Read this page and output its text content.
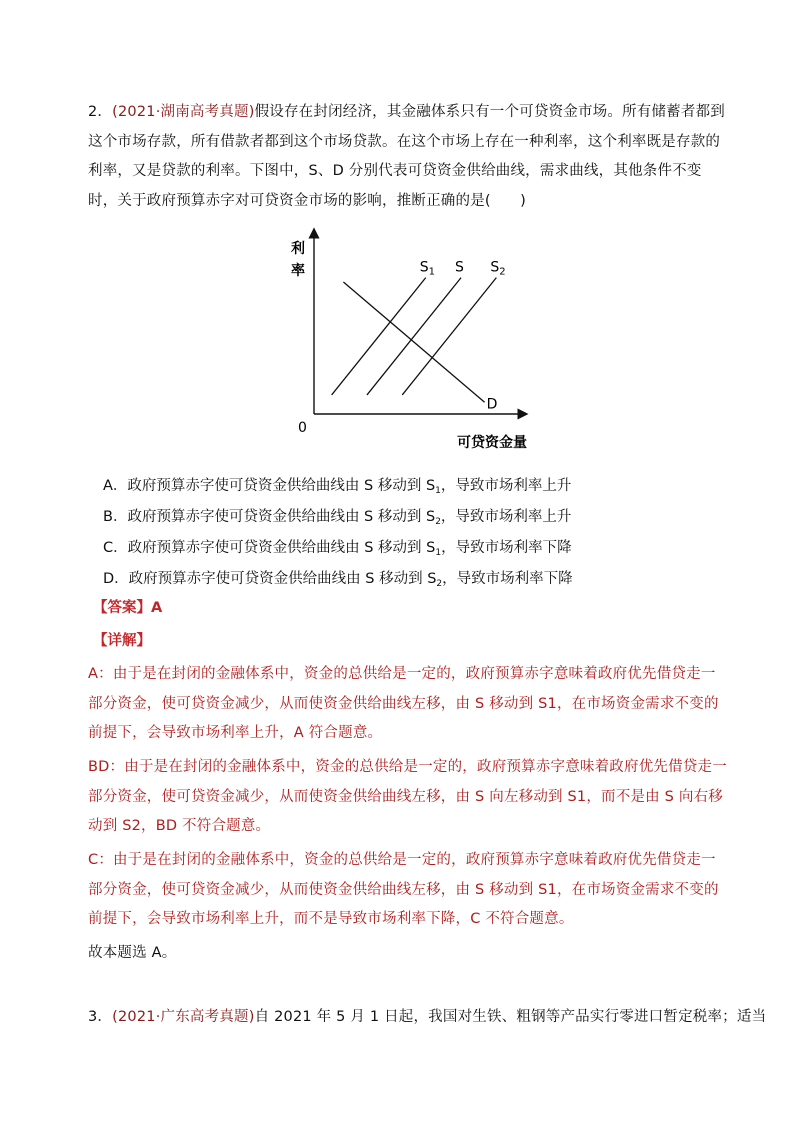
2．(2021·湖南高考真题)假设存在封闭经济，其金融体系只有一个可贷资金市场。所有储蓄者都到这个市场存款，所有借款者都到这个市场贷款。在这个市场上存在一种利率，这个利率既是存款的利率，又是贷款的利率。下图中，S、D 分别代表可贷资金供给曲线，需求曲线，其他条件不变时，关于政府预算赤字对可贷资金市场的影响，推断正确的是(　　)

利
率
0
可贷资金量
$S_1$ S $S_2$
D

A．政府预算赤字使可贷资金供给曲线由 S 移动到 $S_1$，导致市场利率上升

B．政府预算赤字使可贷资金供给曲线由 S 移动到 $S_2$，导致市场利率上升

C．政府预算赤字使可贷资金供给曲线由 S 移动到 $S_1$，导致市场利率下降

D．政府预算赤字使可贷资金供给曲线由 S 移动到 $S_2$，导致市场利率下降

【答案】A

【详解】

A：由于是在封闭的金融体系中，资金的总供给是一定的，政府预算赤字意味着政府优先借贷走一部分资金，使可贷资金减少，从而使资金供给曲线左移，由 S 移动到 S1，在市场资金需求不变的前提下，会导致市场利率上升，A 符合题意。

BD：由于是在封闭的金融体系中，资金的总供给是一定的，政府预算赤字意味着政府优先借贷走一部分资金，使可贷资金减少，从而使资金供给曲线左移，由 S 向左移动到 S1，而不是由 S 向右移动到 S2，BD 不符合题意。

C：由于是在封闭的金融体系中，资金的总供给是一定的，政府预算赤字意味着政府优先借贷走一部分资金，使可贷资金减少，从而使资金供给曲线左移，由 S 移动到 S1，在市场资金需求不变的前提下，会导致市场利率上升，而不是导致市场利率下降，C 不符合题意。

故本题选 A。

3．(2021·广东高考真题)自 2021 年 5 月 1 日起，我国对生铁、粗钢等产品实行零进口暂定税率；适当
